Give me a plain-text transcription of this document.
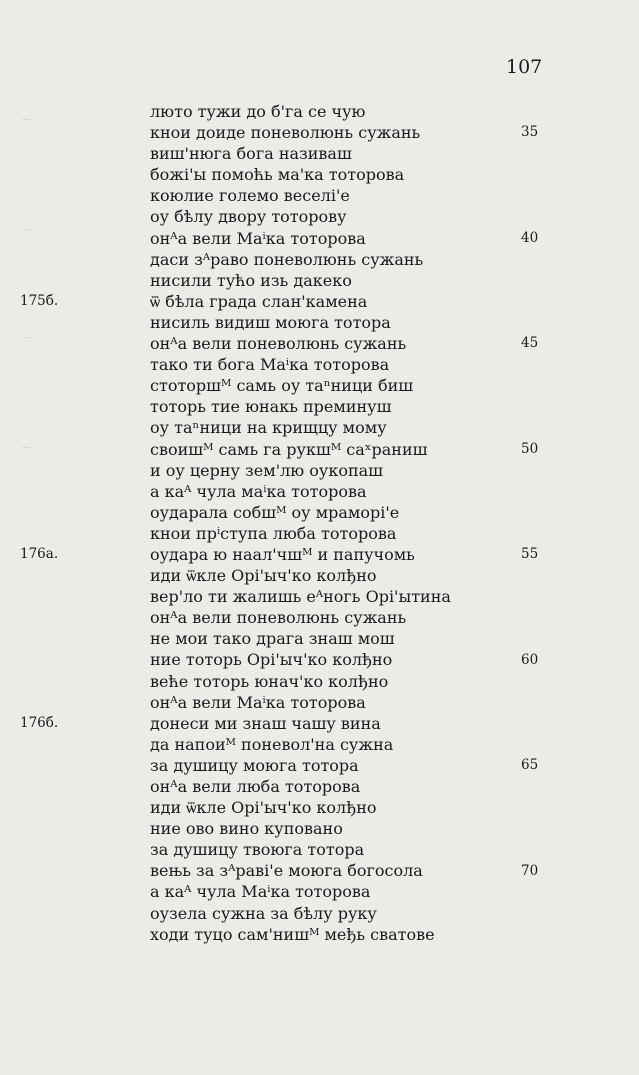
107
‑‑
‑‑
‑‑
‑‑
люто тужи до б'га се чую
кнои доиде поневолюнь сужань
виш'нюга бога називаш
божі'ы помоћь ма'ка тоторова
коюлие големо веселі'е
оу бѣлу двору тоторову
онᴬа вели Маⁱка тоторова
даси зᴬраво поневолюнь сужань
нисили тућо изь дакеко
ѿ бѣла града слан'камена
нисиль видиш моюга тотора
онᴬа вели поневолюнь сужань
тако ти бога Маⁱка тоторова
стоторшᴹ самь оу таⁿници биш
тоторь тие юнакь преминуш
оу таⁿници на крищцу мому
своишᴹ самь га рукшᴹ саˣраниш
и оу церну зем'лю оукопаш
а каᴬ чула маⁱка тоторова
оударала собшᴹ оу мраморі'е
кнои прⁱступа люба тоторова
оудара ю наал'чшᴹ и папучомь
иди ѿкле Орі'ыч'ко колђно
вер'ло ти жалишь еᴬногь Орі'ытина
онᴬа вели поневолюнь сужань
не мои тако драга знаш мош
ние тоторь Орі'ыч'ко колђно
веће тоторь юнач'ко колђно
онᴬа вели Маⁱка тоторова
донеси ми знаш чашу вина
да напоиᴹ поневол'на сужна
за душицу моюга тотора
онᴬа вели люба тоторова
иди ѿкле Орі'ыч'ко колђно
ние ово вино куповано
за душицу твоюга тотора
вењь за зᴬраві'е моюга богосола
а каᴬ чула Маⁱка тоторова
оузела сужна за бѣлу руку
ходи туцо сам'нишᴹ међь сватове
35
40
45
50
55
60
65
70
175б.
176а.
176б.
